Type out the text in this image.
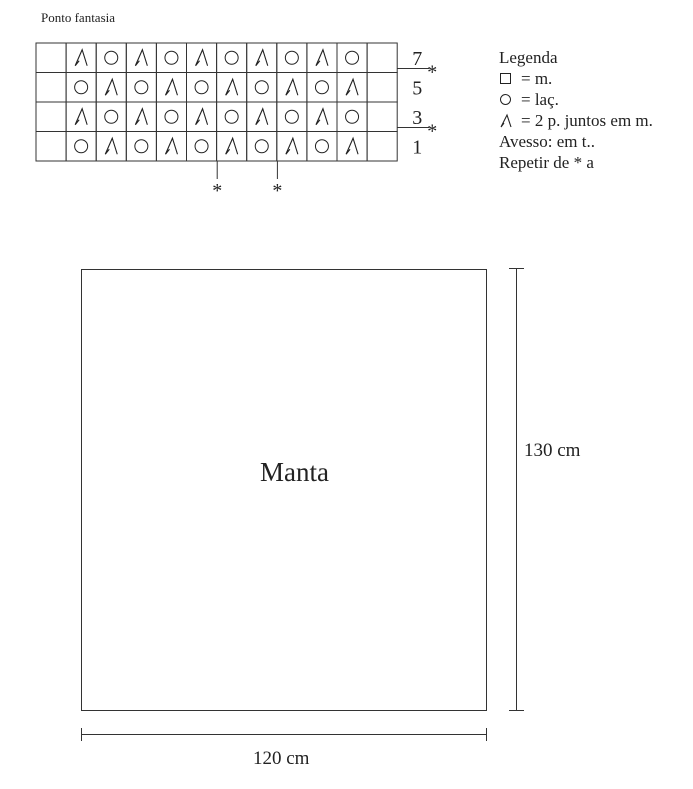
Ponto fantasia
7
*
5
3
*
1
*	*
Legenda
= m.
= laç.
= 2 p. juntos em m.
Avesso: em t..
Repetir de * a
Manta
130 cm
120 cm
